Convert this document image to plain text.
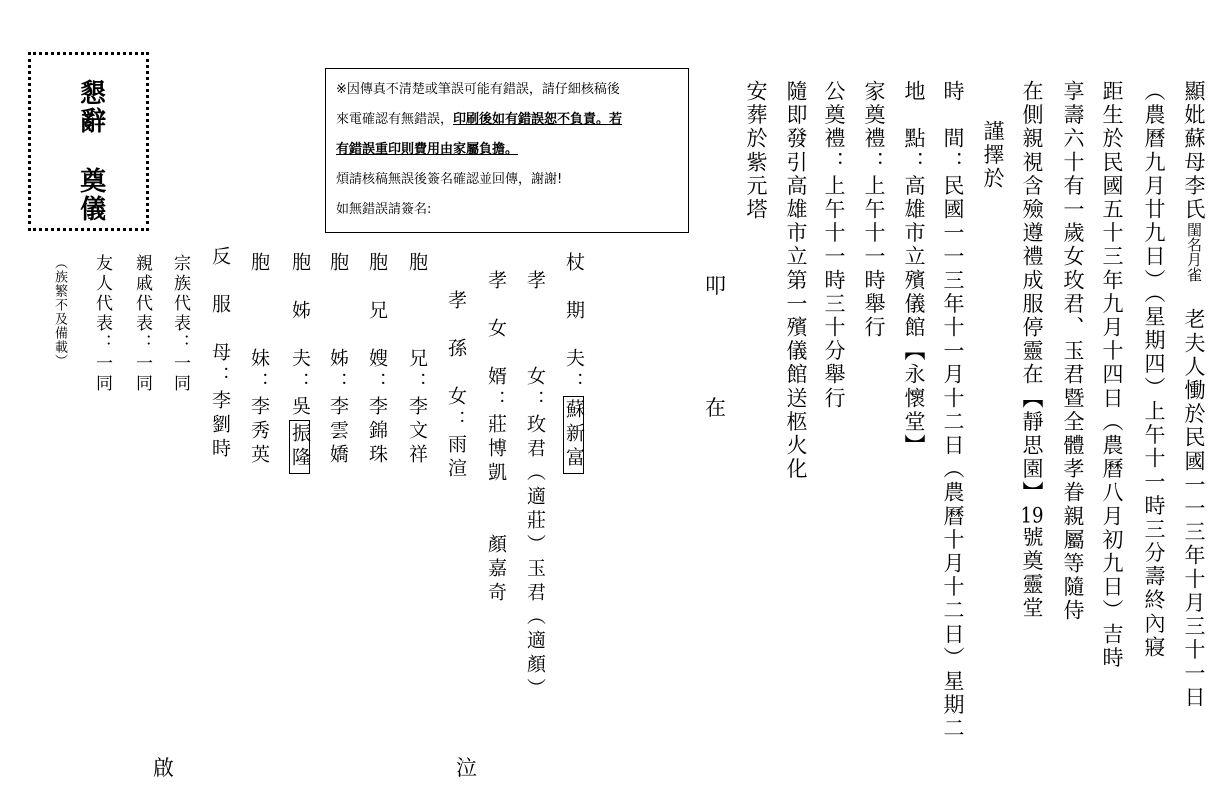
顯妣蘇母李氏閨名月雀 老夫人慟於民國一一三年十月三十一日
（農曆九月廿九日）（星期四）上午十一時三分壽終內寢
距生於民國五十三年九月十四日（農曆八月初九日）吉時
享壽六十有一歲女玫君、玉君暨全體孝眷親屬等隨侍
在側親視含殮遵禮成服停靈在【靜思園】19號奠靈堂
謹擇於
時　間：民國一一三年十一月十二日（農曆十月十二日）星期二
地　點：高雄市立殯儀館【永懷堂】
家奠禮：上午十一時舉行
公奠禮：上午十一時三十分舉行
隨即發引高雄市立第一殯儀館送柩火化
安葬於紫元塔
叩
在
啟	泣
※因傳真不清楚或筆誤可能有錯誤，請仔細核稿後
來電確認有無錯誤，印刷後如有錯誤恕不負責。若
有錯誤重印則費用由家屬負擔。
煩請核稿無誤後簽名確認並回傳，謝謝!
如無錯誤請簽名:
杖　期　夫：蘇新富
孝　　　女：玫君（適莊）玉君（適顏）
孝　女　婿：莊博凱　　顏嘉奇
孝　孫　女：雨渲
胞　　　兄：李文祥
胞　兄　嫂：李錦珠
胞　　　姊：李雲嬌
胞　姊　夫：吳振隆
胞　　　妹：李秀英
反　服　母：李劉時
宗族代表：一同
親戚代表：一同
友人代表：一同
（族繁不及備載）
懇辭 奠儀
